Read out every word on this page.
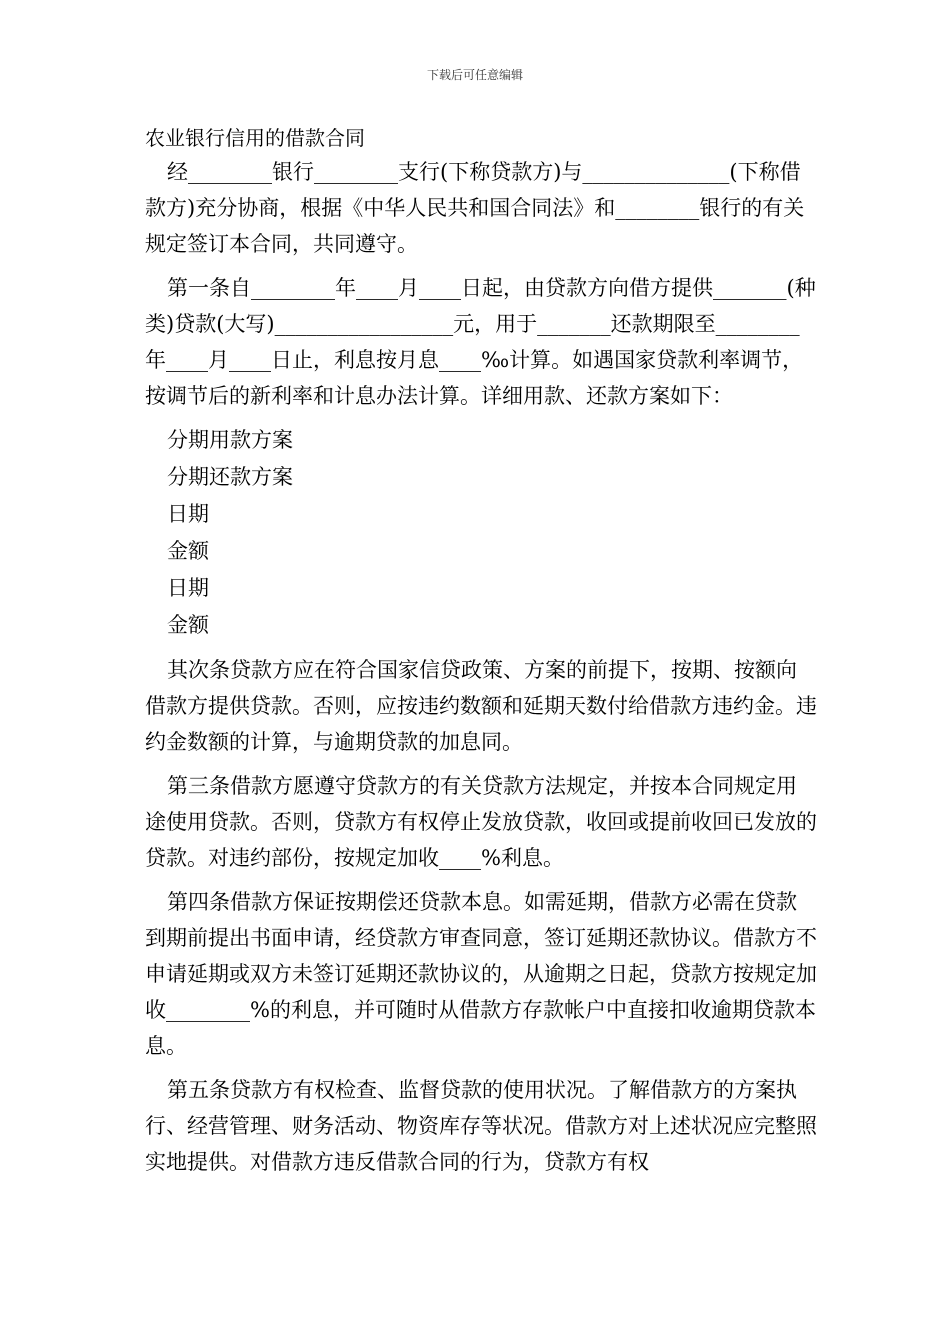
下载后可任意编辑
农业银行信用的借款合同

经________银行________支行(下称贷款方)与______________(下称借款方)充分协商，根据《中华人民共和国合同法》和________银行的有关规定签订本合同，共同遵守。

第一条自________年____月____日起，由贷款方向借方提供_______(种类)贷款(大写)_________________元，用于_______还款期限至________年____月____日止，利息按月息____‰计算。如遇国家贷款利率调节，按调节后的新利率和计息办法计算。详细用款、还款方案如下：

分期用款方案

分期还款方案

日期

金额

日期

金额

其次条贷款方应在符合国家信贷政策、方案的前提下，按期、按额向借款方提供贷款。否则，应按违约数额和延期天数付给借款方违约金。违约金数额的计算，与逾期贷款的加息同。

第三条借款方愿遵守贷款方的有关贷款方法规定，并按本合同规定用途使用贷款。否则，贷款方有权停止发放贷款，收回或提前收回已发放的贷款。对违约部份，按规定加收____%利息。

第四条借款方保证按期偿还贷款本息。如需延期，借款方必需在贷款到期前提出书面申请，经贷款方审查同意，签订延期还款协议。借款方不申请延期或双方未签订延期还款协议的，从逾期之日起，贷款方按规定加收________%的利息，并可随时从借款方存款帐户中直接扣收逾期贷款本息。

第五条贷款方有权检查、监督贷款的使用状况。了解借款方的方案执行、经营管理、财务活动、物资库存等状况。借款方对上述状况应完整照实地提供。对借款方违反借款合同的行为，贷款方有权
